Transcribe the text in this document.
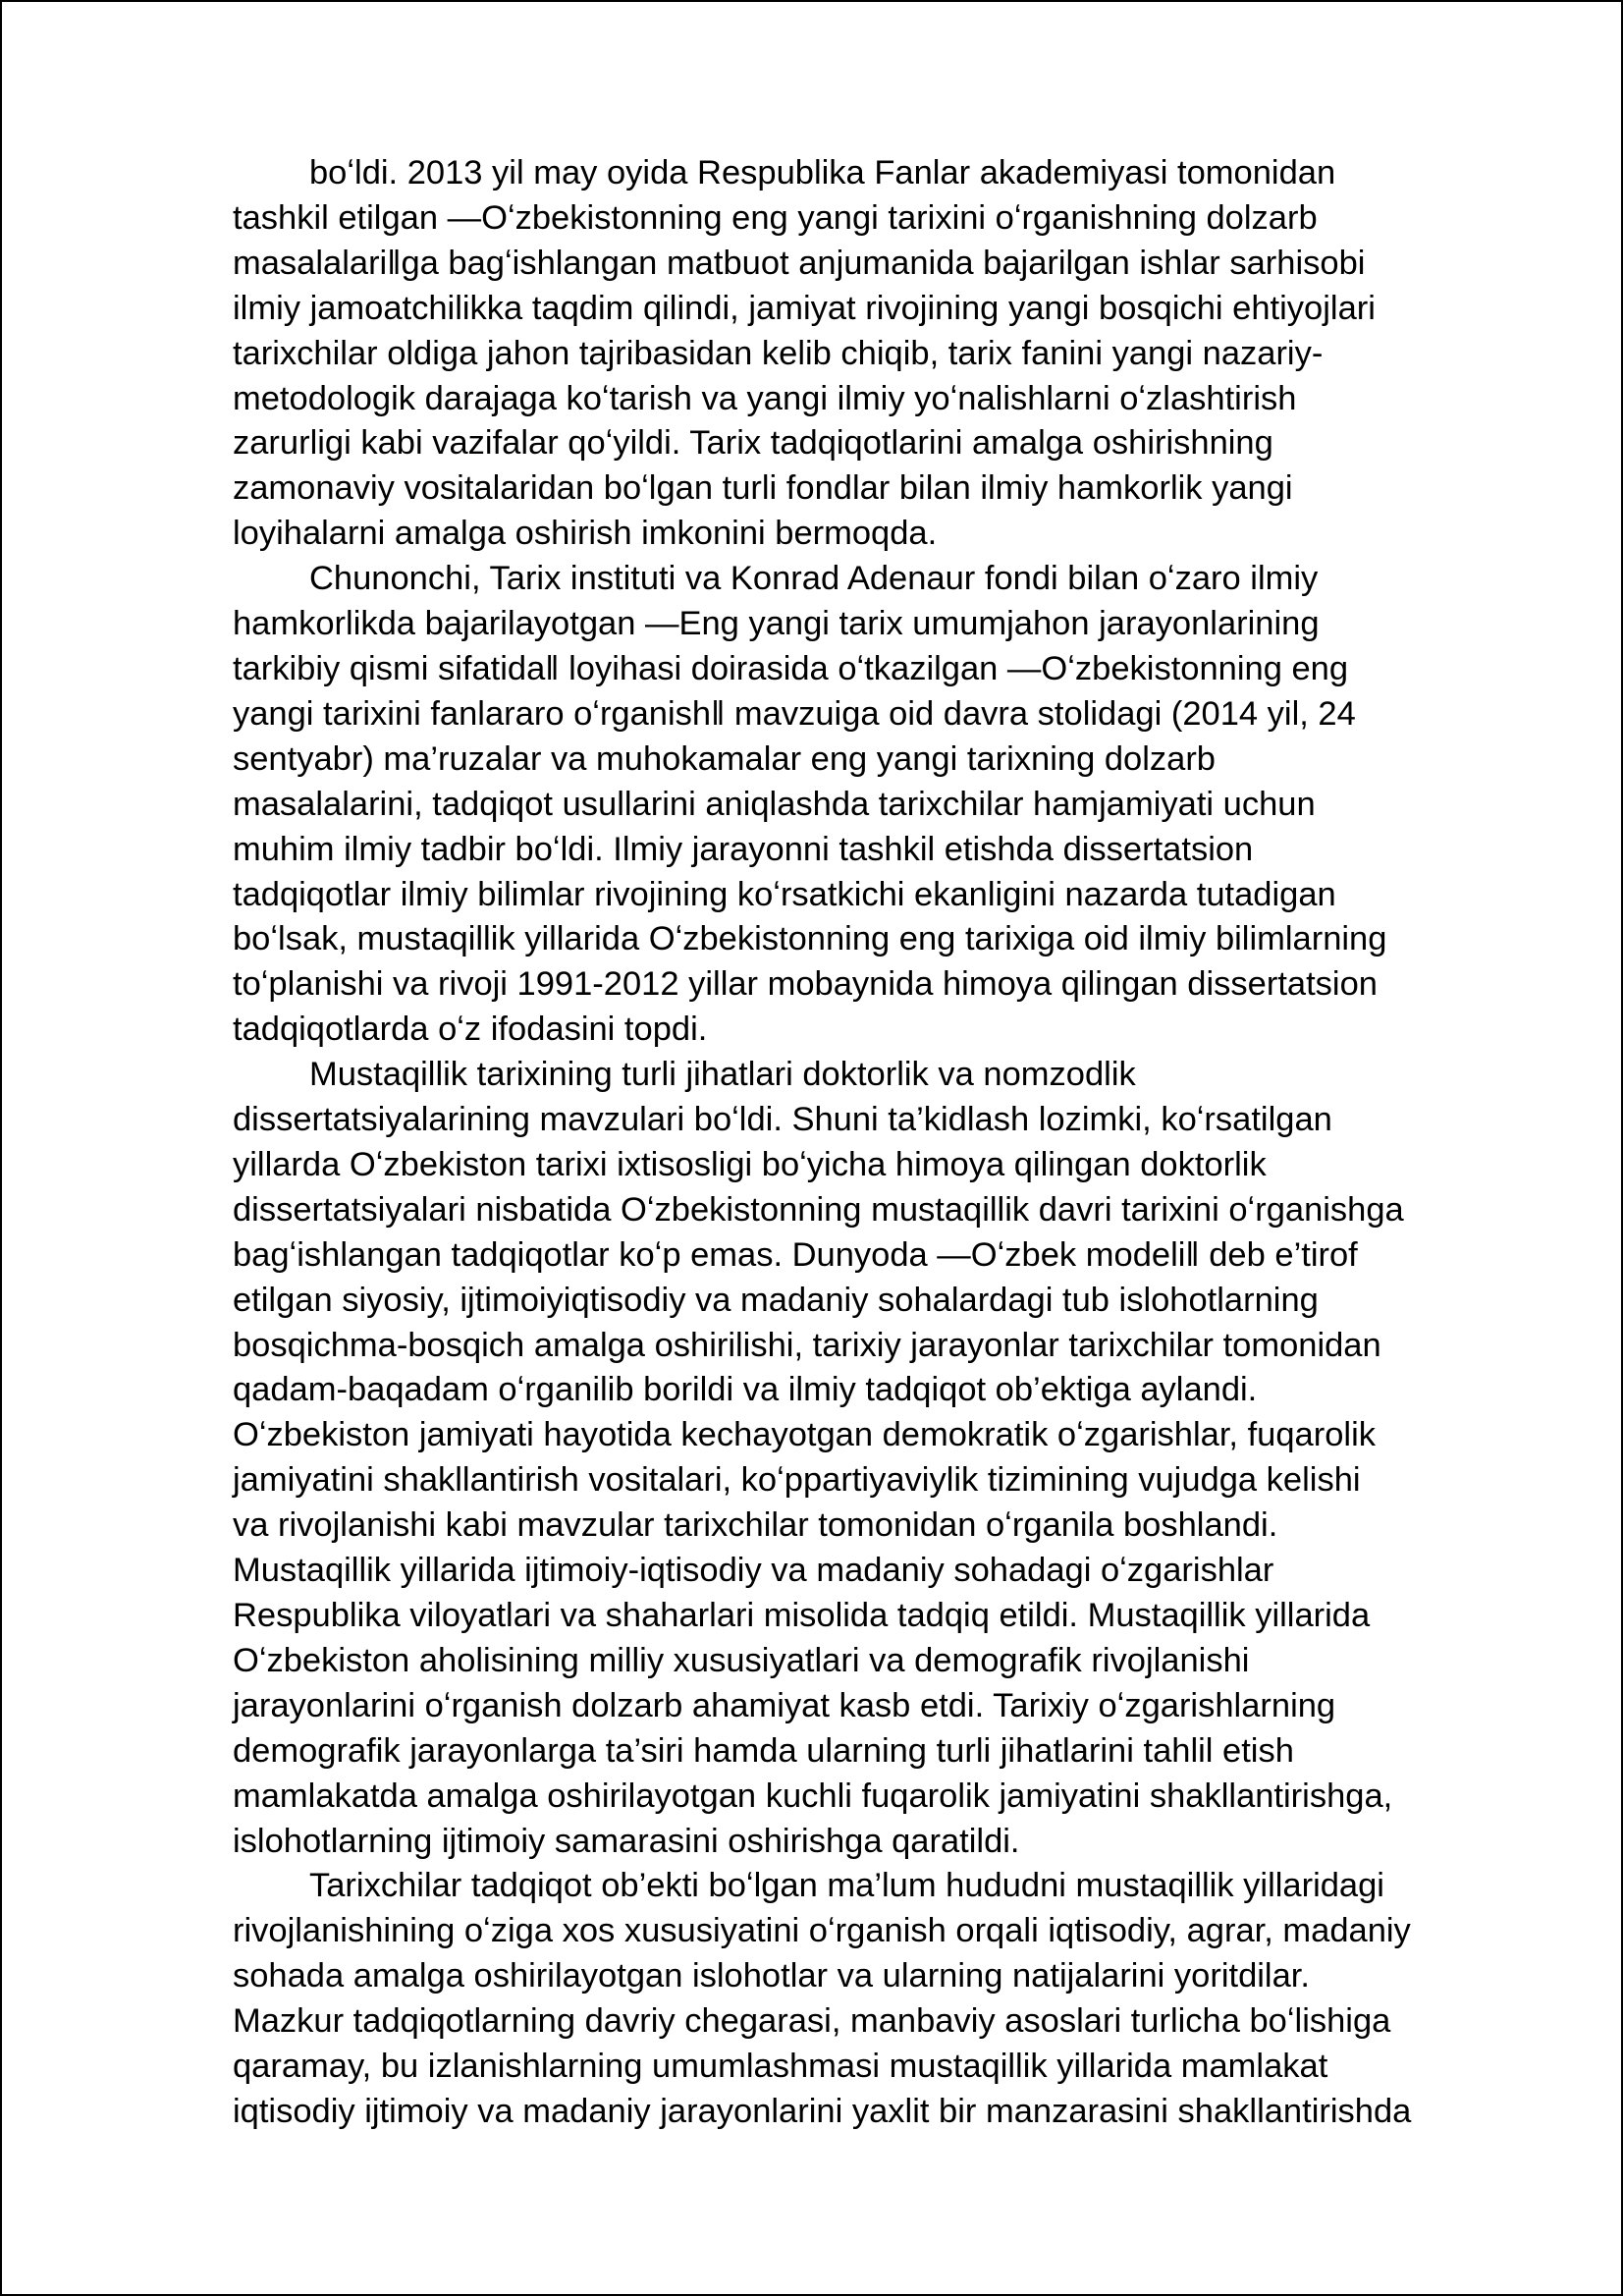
boʻldi. 2013 yil may oyida Respublika Fanlar akademiyasi tomonidan
tashkil etilgan ―Oʻzbekistonning eng yangi tarixini oʻrganishning dolzarb
masalalari‖ga bagʻishlangan matbuot anjumanida bajarilgan ishlar sarhisobi
ilmiy jamoatchilikka taqdim qilindi, jamiyat rivojining yangi bosqichi ehtiyojlari
tarixchilar oldiga jahon tajribasidan kelib chiqib, tarix fanini yangi nazariy-
metodologik darajaga koʻtarish va yangi ilmiy yoʻnalishlarni oʻzlashtirish
zarurligi kabi vazifalar qoʻyildi. Tarix tadqiqotlarini amalga oshirishning
zamonaviy vositalaridan boʻlgan turli fondlar bilan ilmiy hamkorlik yangi
loyihalarni amalga oshirish imkonini bermoqda.

Chunonchi, Tarix instituti va Konrad Adenaur fondi bilan oʻzaro ilmiy
hamkorlikda bajarilayotgan ―Eng yangi tarix umumjahon jarayonlarining
tarkibiy qismi sifatida‖ loyihasi doirasida oʻtkazilgan ―Oʻzbekistonning eng
yangi tarixini fanlararo oʻrganish‖ mavzuiga oid davra stolidagi (2014 yil, 24
sentyabr) ma’ruzalar va muhokamalar eng yangi tarixning dolzarb
masalalarini, tadqiqot usullarini aniqlashda tarixchilar hamjamiyati uchun
muhim ilmiy tadbir boʻldi. Ilmiy jarayonni tashkil etishda dissertatsion
tadqiqotlar ilmiy bilimlar rivojining koʻrsatkichi ekanligini nazarda tutadigan
boʻlsak, mustaqillik yillarida Oʻzbekistonning eng tarixiga oid ilmiy bilimlarning
toʻplanishi va rivoji 1991-2012 yillar mobaynida himoya qilingan dissertatsion
tadqiqotlarda oʻz ifodasini topdi.

Mustaqillik tarixining turli jihatlari doktorlik va nomzodlik
dissertatsiyalarining mavzulari boʻldi. Shuni ta’kidlash lozimki, koʻrsatilgan
yillarda Oʻzbekiston tarixi ixtisosligi boʻyicha himoya qilingan doktorlik
dissertatsiyalari nisbatida Oʻzbekistonning mustaqillik davri tarixini oʻrganishga
bagʻishlangan tadqiqotlar koʻp emas. Dunyoda ―Oʻzbek modeli‖ deb e’tirof
etilgan siyosiy, ijtimoiyiqtisodiy va madaniy sohalardagi tub islohotlarning
bosqichma-bosqich amalga oshirilishi, tarixiy jarayonlar tarixchilar tomonidan
qadam-baqadam oʻrganilib borildi va ilmiy tadqiqot ob’ektiga aylandi.
Oʻzbekiston jamiyati hayotida kechayotgan demokratik oʻzgarishlar, fuqarolik
jamiyatini shakllantirish vositalari, koʻppartiyaviylik tizimining vujudga kelishi
va rivojlanishi kabi mavzular tarixchilar tomonidan oʻrganila boshlandi.
Mustaqillik yillarida ijtimoiy-iqtisodiy va madaniy sohadagi oʻzgarishlar
Respublika viloyatlari va shaharlari misolida tadqiq etildi. Mustaqillik yillarida
Oʻzbekiston aholisining milliy xususiyatlari va demografik rivojlanishi
jarayonlarini oʻrganish dolzarb ahamiyat kasb etdi. Tarixiy oʻzgarishlarning
demografik jarayonlarga ta’siri hamda ularning turli jihatlarini tahlil etish
mamlakatda amalga oshirilayotgan kuchli fuqarolik jamiyatini shakllantirishga,
islohotlarning ijtimoiy samarasini oshirishga qaratildi.

Tarixchilar tadqiqot ob’ekti boʻlgan ma’lum hududni mustaqillik yillaridagi
rivojlanishining oʻziga xos xususiyatini oʻrganish orqali iqtisodiy, agrar, madaniy
sohada amalga oshirilayotgan islohotlar va ularning natijalarini yoritdilar.
Mazkur tadqiqotlarning davriy chegarasi, manbaviy asoslari turlicha boʻlishiga
qaramay, bu izlanishlarning umumlashmasi mustaqillik yillarida mamlakat
iqtisodiy ijtimoiy va madaniy jarayonlarini yaxlit bir manzarasini shakllantirishda
